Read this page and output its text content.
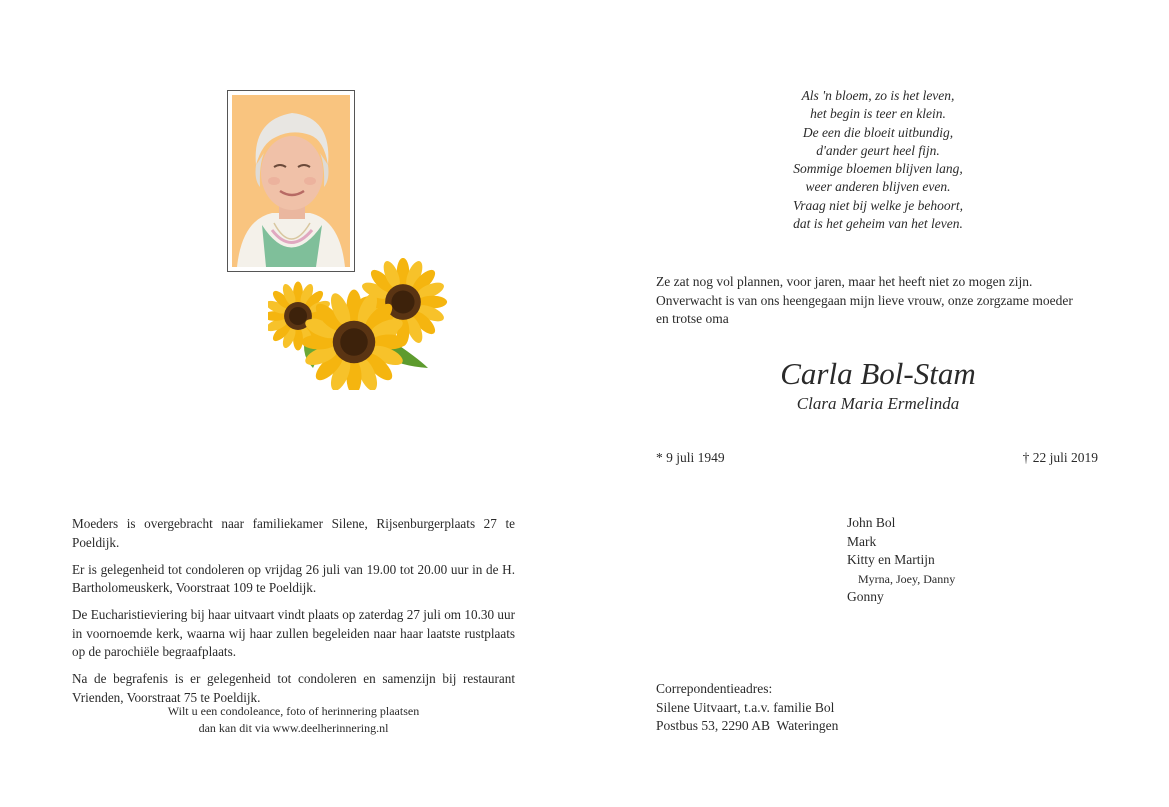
Moeders is overgebracht naar familiekamer Silene, Rijsenburgerplaats 27 te Poeldijk.

Er is gelegenheid tot condoleren op vrijdag 26 juli van 19.00 tot 20.00 uur in de H. Bartholomeuskerk, Voorstraat 109 te Poeldijk.

De Eucharistieviering bij haar uitvaart vindt plaats op zaterdag 27 juli om 10.30 uur in voornoemde kerk, waarna wij haar zullen begeleiden naar haar laatste rustplaats op de parochiële begraafplaats.

Na de begrafenis is er gelegenheid tot condoleren en samenzijn bij restaurant Vrienden, Voorstraat 75 te Poeldijk.

Wilt u een condoleance, foto of herinnering plaatsen
dan kan dit via www.deelherinnering.nl
Als 'n bloem, zo is het leven,
het begin is teer en klein.
De een die bloeit uitbundig,
d'ander geurt heel fijn.
Sommige bloemen blijven lang,
weer anderen blijven even.
Vraag niet bij welke je behoort,
dat is het geheim van het leven.
Ze zat nog vol plannen, voor jaren, maar het heeft niet zo mogen zijn.
Onverwacht is van ons heengegaan mijn lieve vrouw, onze zorgzame moeder
en trotse oma
Carla Bol-Stam
Clara Maria Ermelinda
* 9 juli 1949	† 22 juli 2019
John Bol
Mark
Kitty en Martijn
Myrna, Joey, Danny
Gonny
Correpondentieadres:
Silene Uitvaart, t.a.v. familie Bol
Postbus 53, 2290 AB  Wateringen
